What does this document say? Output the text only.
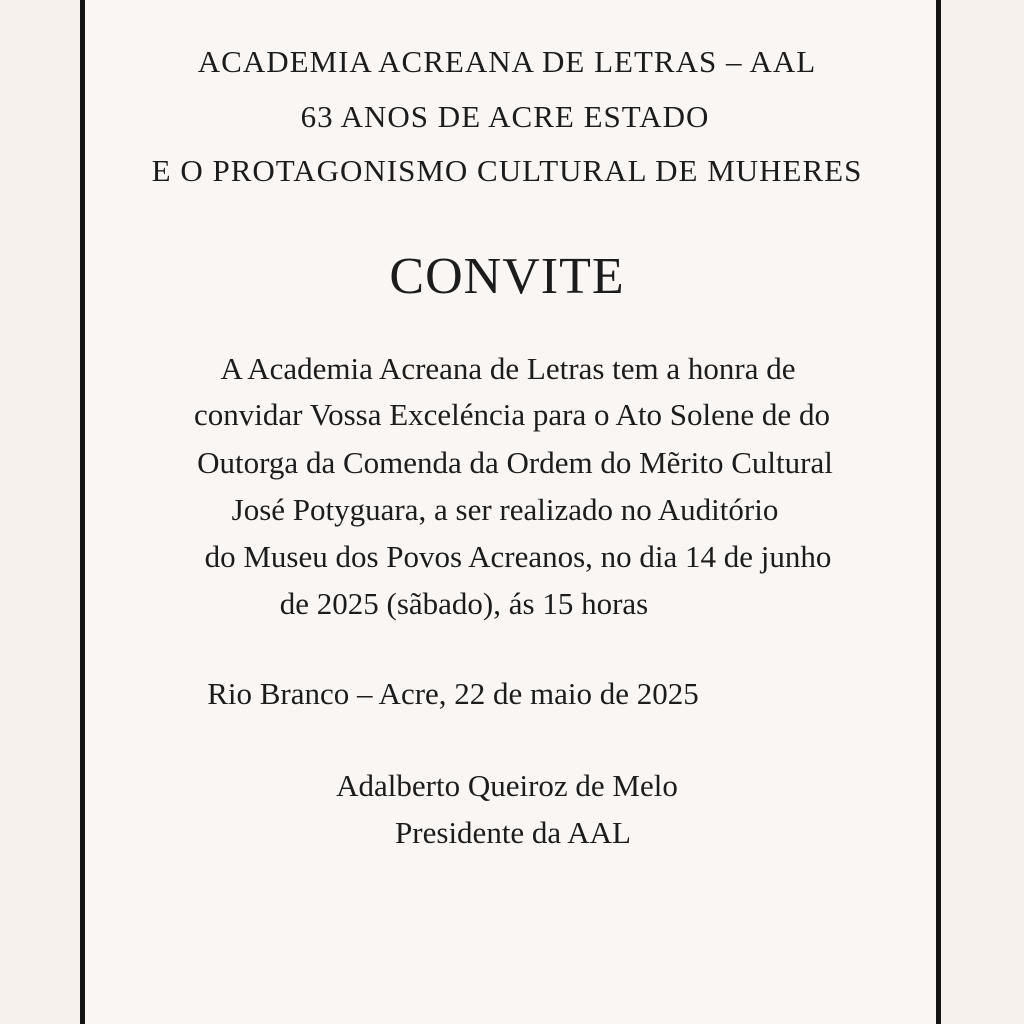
ACADEMIA ACREANA DE LETRAS – AAL
63 ANOS DE ACRE ESTADO
E O PROTAGONISMO CULTURAL DE MUHERES
CONVITE
A Academia Acreana de Letras tem a honra de
convidar Vossa Exceléncia para o Ato Solene de do
Outorga da Comenda da Ordem do Mẽrito Cultural
José Potyguara, a ser realizado no Auditório
do Museu dos Povos Acreanos, no dia 14 de junho
de 2025 (sãbado), ás 15 horas
Rio Branco – Acre, 22 de maio de 2025
Adalberto Queiroz de Melo
Presidente da AAL
